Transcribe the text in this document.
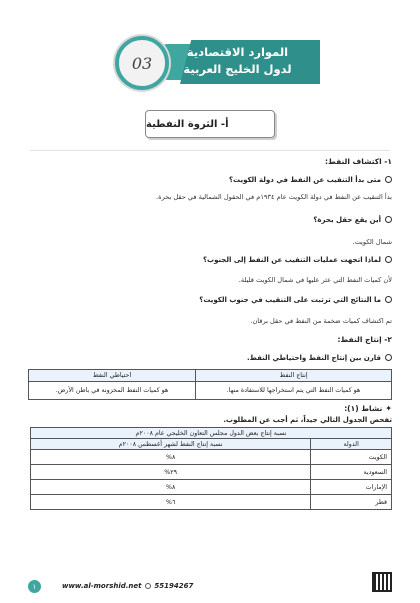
الموارد الاقتصادية
لدول الخليج العربية
03
أ- الثروة النفطية
١- اكتشاف النفط:
متى بدأ التنقيب عن النفط في دولة الكويت؟
بدأ التنقيب عن النفط في دولة الكويت عام ١٩٣٤م في الحقول الشمالية في حقل بحرة.
أين يقع حقل بحرة؟
شمال الكويت.
لماذا اتجهت عمليات التنقيب عن النفط إلى الجنوب؟
لأن كميات النفط التي عثر عليها في شمال الكويت قليلة.
ما النتائج التي ترتبت على التنقيب في جنوب الكويت؟
تم اكتشاف كميات ضخمة من النفط في حقل برقان.
٢- إنتاج النفط:
قارن بين إنتاج النفط واحتياطي النفط.
إنتاج النفط	احتياطي النفط
هو كميات النفط التي يتم استخراجها للاستفادة منها.	هو كميات النفط المخزونة في باطن الأرض.
✦نشاط (١):
تفحص الجدول التالي جيداً، ثم أجب عن المطلوب.
نسبة إنتاج بعض الدول مجلس التعاون الخليجي عام ٢٠٠٨م	
الدولة	نسبة إنتاج النفط لشهر أغسطس ٢٠٠٨م
الكويت	٨%
السعودية	٢٩%
الإمارات	٨%
قطر	٦%
١	www.al-morshid.net 55194267
